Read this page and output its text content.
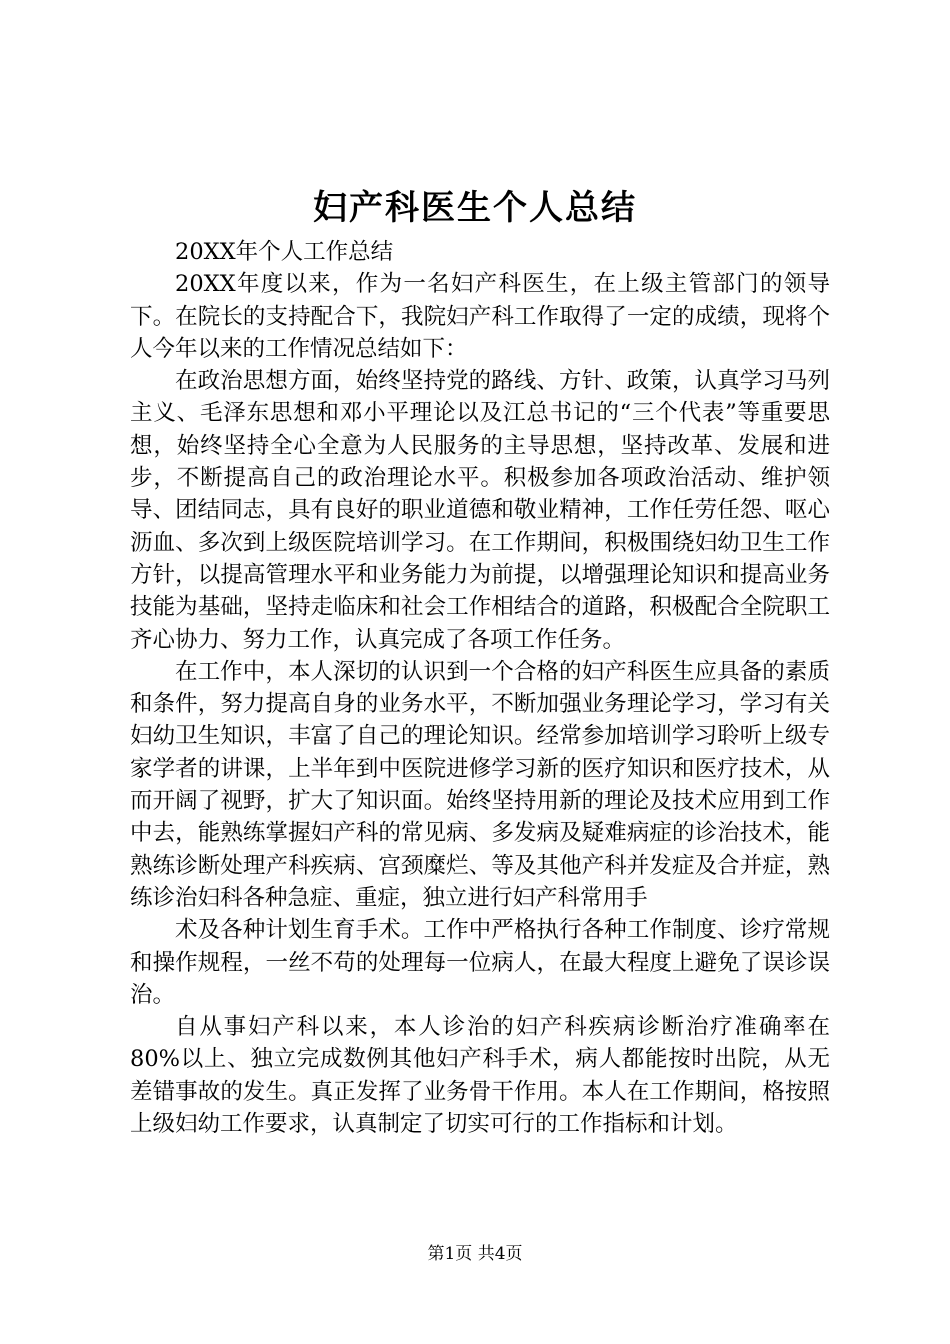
妇产科医生个人总结

20XX年个人工作总结

20XX年度以来，作为一名妇产科医生，在上级主管部门的领导下。在院长的支持配合下，我院妇产科工作取得了一定的成绩，现将个人今年以来的工作情况总结如下：

在政治思想方面，始终坚持党的路线、方针、政策，认真学习马列主义、毛泽东思想和邓小平理论以及江总书记的“三个代表”等重要思想，始终坚持全心全意为人民服务的主导思想，坚持改革、发展和进步，不断提高自己的政治理论水平。积极参加各项政治活动、维护领导、团结同志，具有良好的职业道德和敬业精神，工作任劳任怨、呕心沥血、多次到上级医院培训学习。在工作期间，积极围绕妇幼卫生工作方针，以提高管理水平和业务能力为前提，以增强理论知识和提高业务技能为基础，坚持走临床和社会工作相结合的道路，积极配合全院职工齐心协力、努力工作，认真完成了各项工作任务。

在工作中，本人深切的认识到一个合格的妇产科医生应具备的素质和条件，努力提高自身的业务水平，不断加强业务理论学习，学习有关妇幼卫生知识，丰富了自己的理论知识。经常参加培训学习聆听上级专家学者的讲课，上半年到中医院进修学习新的医疗知识和医疗技术，从而开阔了视野，扩大了知识面。始终坚持用新的理论及技术应用到工作中去，能熟练掌握妇产科的常见病、多发病及疑难病症的诊治技术，能熟练诊断处理产科疾病、宫颈糜烂、等及其他产科并发症及合并症，熟练诊治妇科各种急症、重症，独立进行妇产科常用手

术及各种计划生育手术。工作中严格执行各种工作制度、诊疗常规和操作规程，一丝不苟的处理每一位病人，在最大程度上避免了误诊误治。

自从事妇产科以来，本人诊治的妇产科疾病诊断治疗准确率在80%以上、独立完成数例其他妇产科手术，病人都能按时出院，从无差错事故的发生。真正发挥了业务骨干作用。本人在工作期间，格按照上级妇幼工作要求，认真制定了切实可行的工作指标和计划。

第1页 共4页
